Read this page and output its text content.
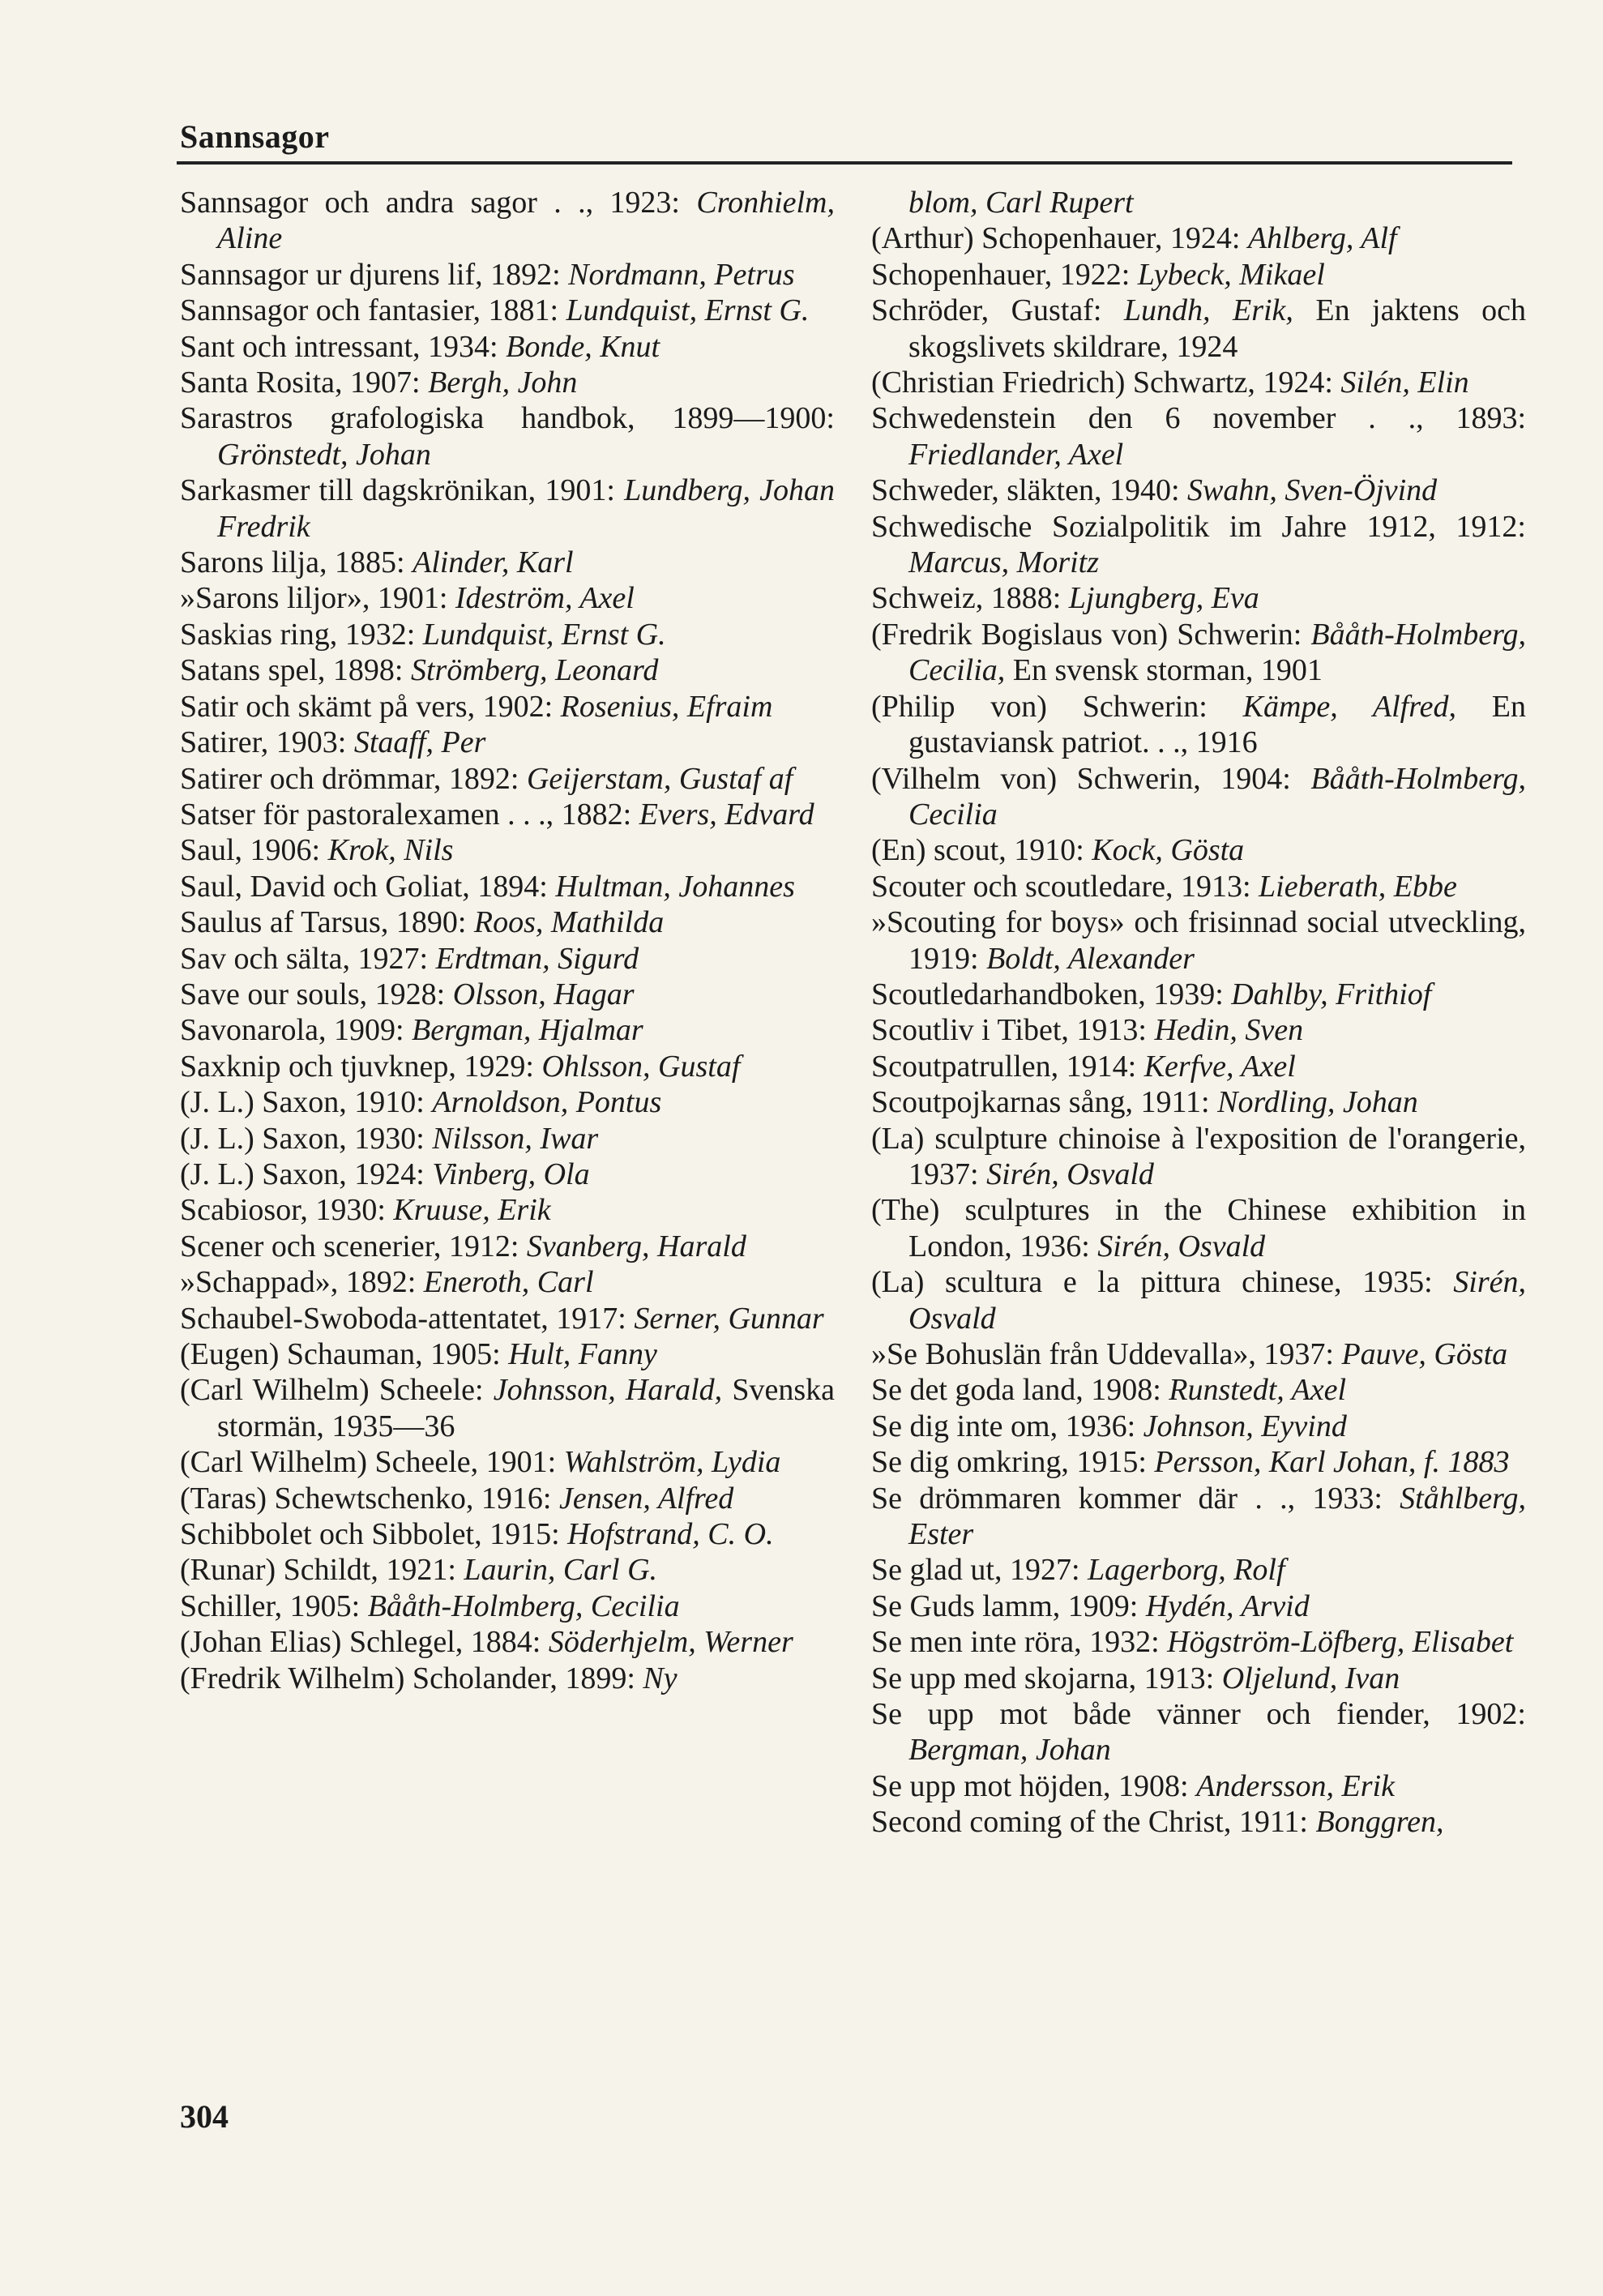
Sannsagor

Sannsagor och andra sagor . ., 1923: Cronhielm, Aline

Sannsagor ur djurens lif, 1892: Nordmann, Petrus

Sannsagor och fantasier, 1881: Lundquist, Ernst G.

Sant och intressant, 1934: Bonde, Knut

Santa Rosita, 1907: Bergh, John

Sarastros grafologiska handbok, 1899—1900: Grönstedt, Johan

Sarkasmer till dagskrönikan, 1901: Lundberg, Johan Fredrik

Sarons lilja, 1885: Alinder, Karl

»Sarons liljor», 1901: Ideström, Axel

Saskias ring, 1932: Lundquist, Ernst G.

Satans spel, 1898: Strömberg, Leonard

Satir och skämt på vers, 1902: Rosenius, Efraim

Satirer, 1903: Staaff, Per

Satirer och drömmar, 1892: Geijerstam, Gustaf af

Satser för pastoralexamen . . ., 1882: Evers, Edvard

Saul, 1906: Krok, Nils

Saul, David och Goliat, 1894: Hultman, Johannes

Saulus af Tarsus, 1890: Roos, Mathilda

Sav och sälta, 1927: Erdtman, Sigurd

Save our souls, 1928: Olsson, Hagar

Savonarola, 1909: Bergman, Hjalmar

Saxknip och tjuvknep, 1929: Ohlsson, Gustaf

(J. L.) Saxon, 1910: Arnoldson, Pontus

(J. L.) Saxon, 1930: Nilsson, Iwar

(J. L.) Saxon, 1924: Vinberg, Ola

Scabiosor, 1930: Kruuse, Erik

Scener och scenerier, 1912: Svanberg, Harald

»Schappad», 1892: Eneroth, Carl

Schaubel-Swoboda-attentatet, 1917: Serner, Gunnar

(Eugen) Schauman, 1905: Hult, Fanny

(Carl Wilhelm) Scheele: Johnsson, Harald, Svenska stormän, 1935—36

(Carl Wilhelm) Scheele, 1901: Wahlström, Lydia

(Taras) Schewtschenko, 1916: Jensen, Alfred

Schibbolet och Sibbolet, 1915: Hofstrand, C. O.

(Runar) Schildt, 1921: Laurin, Carl G.

Schiller, 1905: Bååth-Holmberg, Cecilia

(Johan Elias) Schlegel, 1884: Söderhjelm, Werner

(Fredrik Wilhelm) Scholander, 1899: Ny

blom, Carl Rupert

(Arthur) Schopenhauer, 1924: Ahlberg, Alf

Schopenhauer, 1922: Lybeck, Mikael

Schröder, Gustaf: Lundh, Erik, En jaktens och skogslivets skildrare, 1924

(Christian Friedrich) Schwartz, 1924: Silén, Elin

Schwedenstein den 6 november . ., 1893: Friedlander, Axel

Schweder, släkten, 1940: Swahn, Sven-Öjvind

Schwedische Sozialpolitik im Jahre 1912, 1912: Marcus, Moritz

Schweiz, 1888: Ljungberg, Eva

(Fredrik Bogislaus von) Schwerin: Bååth-Holmberg, Cecilia, En svensk storman, 1901

(Philip von) Schwerin: Kämpe, Alfred, En gustaviansk patriot. . ., 1916

(Vilhelm von) Schwerin, 1904: Bååth-Holmberg, Cecilia

(En) scout, 1910: Kock, Gösta

Scouter och scoutledare, 1913: Lieberath, Ebbe

»Scouting for boys» och frisinnad social utveckling, 1919: Boldt, Alexander

Scoutledarhandboken, 1939: Dahlby, Frithiof

Scoutliv i Tibet, 1913: Hedin, Sven

Scoutpatrullen, 1914: Kerfve, Axel

Scoutpojkarnas sång, 1911: Nordling, Johan

(La) sculpture chinoise à l'exposition de l'orangerie, 1937: Sirén, Osvald

(The) sculptures in the Chinese exhibition in London, 1936: Sirén, Osvald

(La) scultura e la pittura chinese, 1935: Sirén, Osvald

»Se Bohuslän från Uddevalla», 1937: Pauve, Gösta

Se det goda land, 1908: Runstedt, Axel

Se dig inte om, 1936: Johnson, Eyvind

Se dig omkring, 1915: Persson, Karl Johan, f. 1883

Se drömmaren kommer där . ., 1933: Ståhlberg, Ester

Se glad ut, 1927: Lagerborg, Rolf

Se Guds lamm, 1909: Hydén, Arvid

Se men inte röra, 1932: Högström-Löfberg, Elisabet

Se upp med skojarna, 1913: Oljelund, Ivan

Se upp mot både vänner och fiender, 1902: Bergman, Johan

Se upp mot höjden, 1908: Andersson, Erik

Second coming of the Christ, 1911: Bonggren,

304
